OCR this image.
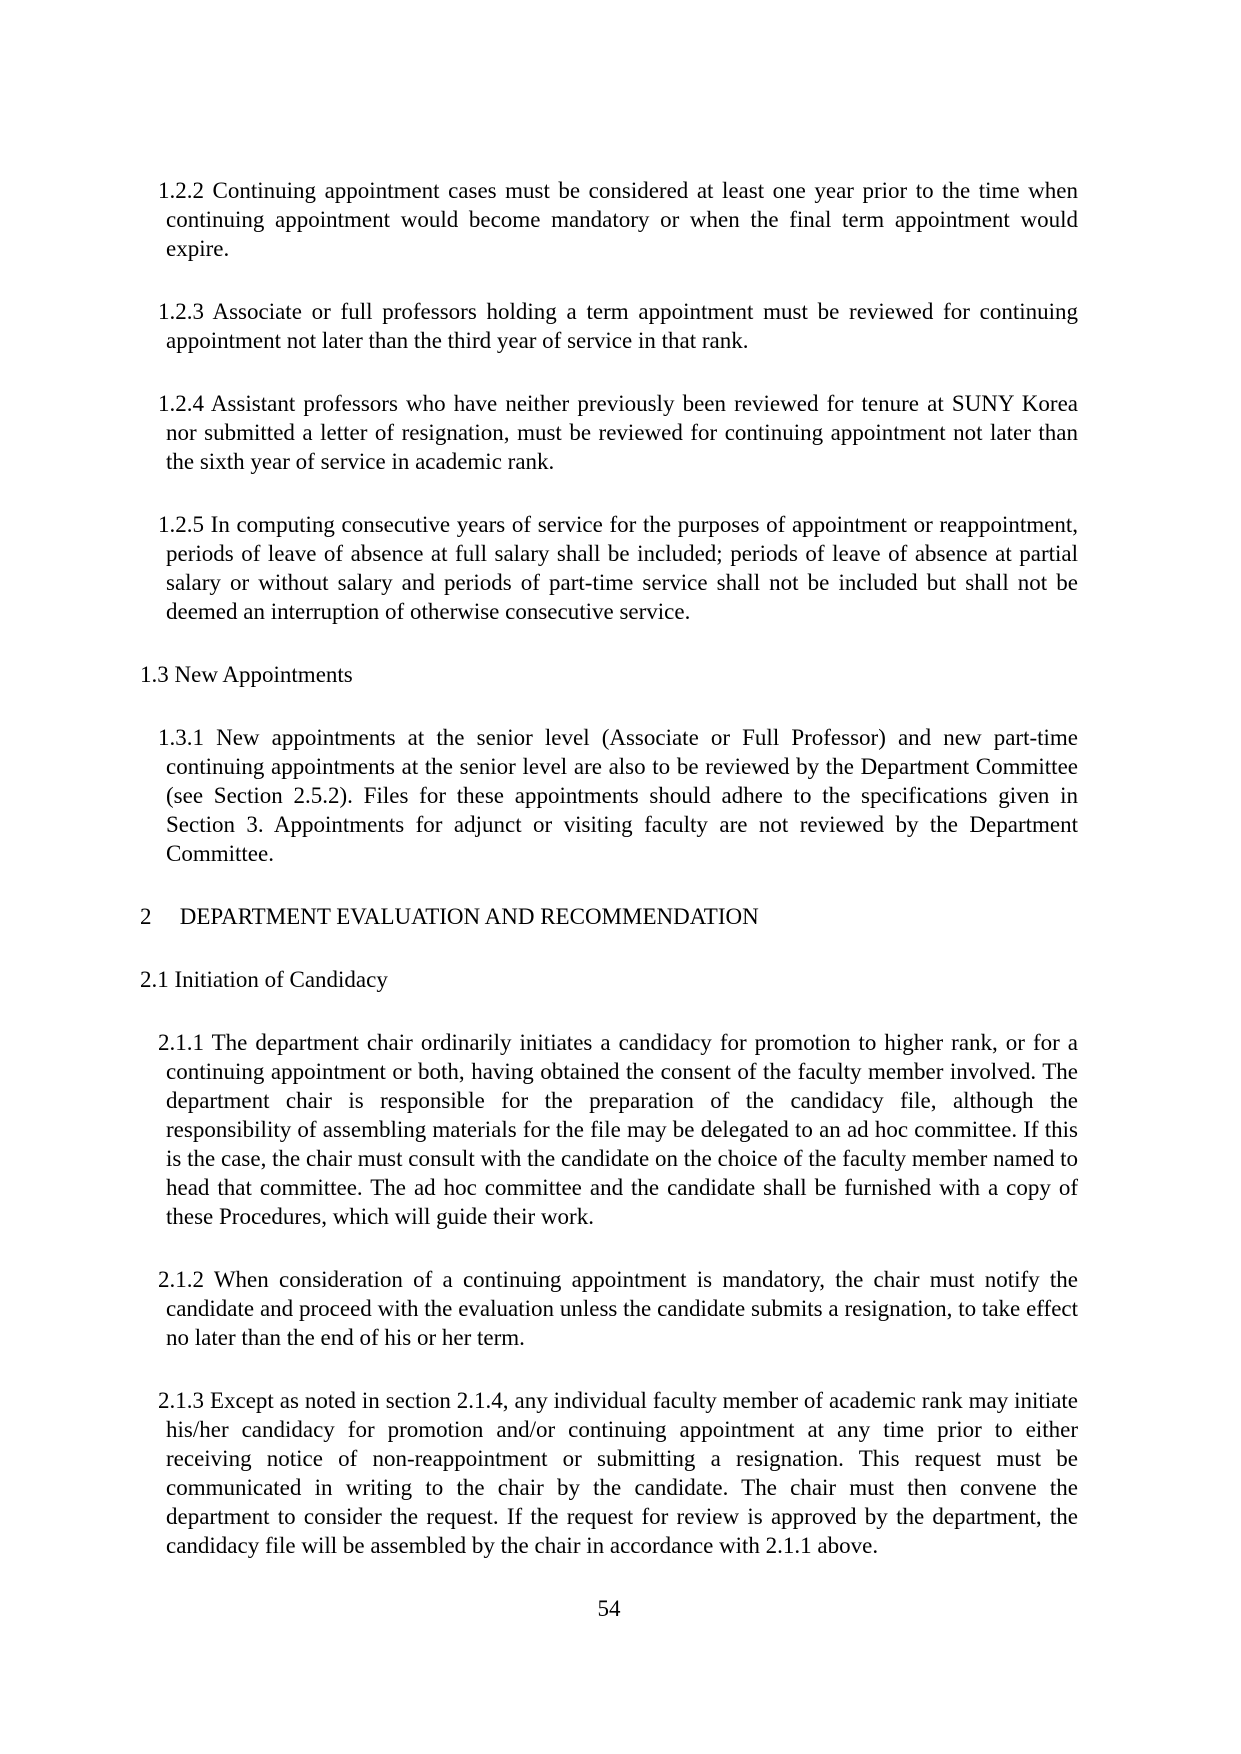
1.2.2 Continuing appointment cases must be considered at least one year prior to the time when continuing appointment would become mandatory or when the final term appointment would expire.

1.2.3 Associate or full professors holding a term appointment must be reviewed for continuing appointment not later than the third year of service in that rank.

1.2.4 Assistant professors who have neither previously been reviewed for tenure at SUNY Korea nor submitted a letter of resignation, must be reviewed for continuing appointment not later than the sixth year of service in academic rank.

1.2.5 In computing consecutive years of service for the purposes of appointment or reappointment, periods of leave of absence at full salary shall be included; periods of leave of absence at partial salary or without salary and periods of part-time service shall not be included but shall not be deemed an interruption of otherwise consecutive service.

1.3 New Appointments

1.3.1 New appointments at the senior level (Associate or Full Professor) and new part-time continuing appointments at the senior level are also to be reviewed by the Department Committee (see Section 2.5.2). Files for these appointments should adhere to the specifications given in Section 3. Appointments for adjunct or visiting faculty are not reviewed by the Department Committee.

2 DEPARTMENT EVALUATION AND RECOMMENDATION

2.1 Initiation of Candidacy

2.1.1 The department chair ordinarily initiates a candidacy for promotion to higher rank, or for a continuing appointment or both, having obtained the consent of the faculty member involved. The department chair is responsible for the preparation of the candidacy file, although the responsibility of assembling materials for the file may be delegated to an ad hoc committee. If this is the case, the chair must consult with the candidate on the choice of the faculty member named to head that committee. The ad hoc committee and the candidate shall be furnished with a copy of these Procedures, which will guide their work.

2.1.2 When consideration of a continuing appointment is mandatory, the chair must notify the candidate and proceed with the evaluation unless the candidate submits a resignation, to take effect no later than the end of his or her term.

2.1.3 Except as noted in section 2.1.4, any individual faculty member of academic rank may initiate his/her candidacy for promotion and/or continuing appointment at any time prior to either receiving notice of non-reappointment or submitting a resignation. This request must be communicated in writing to the chair by the candidate. The chair must then convene the department to consider the request. If the request for review is approved by the department, the candidacy file will be assembled by the chair in accordance with 2.1.1 above.

54
